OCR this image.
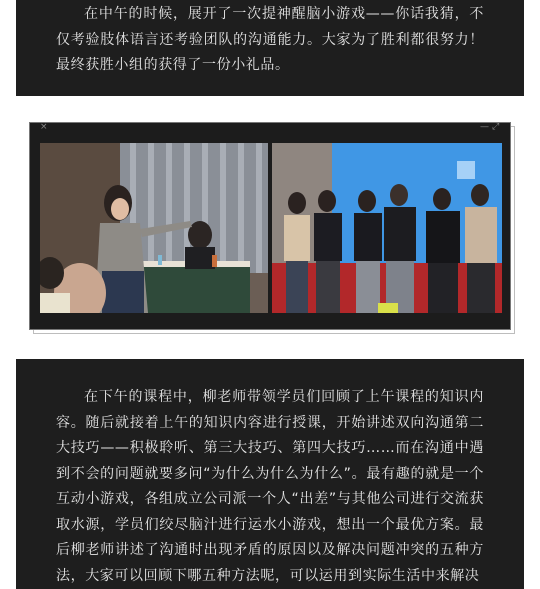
在中午的时候，展开了一次提神醒脑小游戏——你话我猜，不仅考验肢体语言还考验团队的沟通能力。大家为了胜利都很努力！最终获胜小组的获得了一份小礼品。

×	— ⤢

在下午的课程中，柳老师带领学员们回顾了上午课程的知识内容。随后就接着上午的知识内容进行授课，开始讲述双向沟通第二大技巧——积极聆听、第三大技巧、第四大技巧……而在沟通中遇到不会的问题就要多问“为什么为什么为什么”。最有趣的就是一个互动小游戏，各组成立公司派一个人“出差”与其他公司进行交流获取水源，学员们绞尽脑汁进行运水小游戏，想出一个最优方案。最后柳老师讲述了沟通时出现矛盾的原因以及解决问题冲突的五种方法，大家可以回顾下哪五种方法呢，可以运用到实际生活中来解决
